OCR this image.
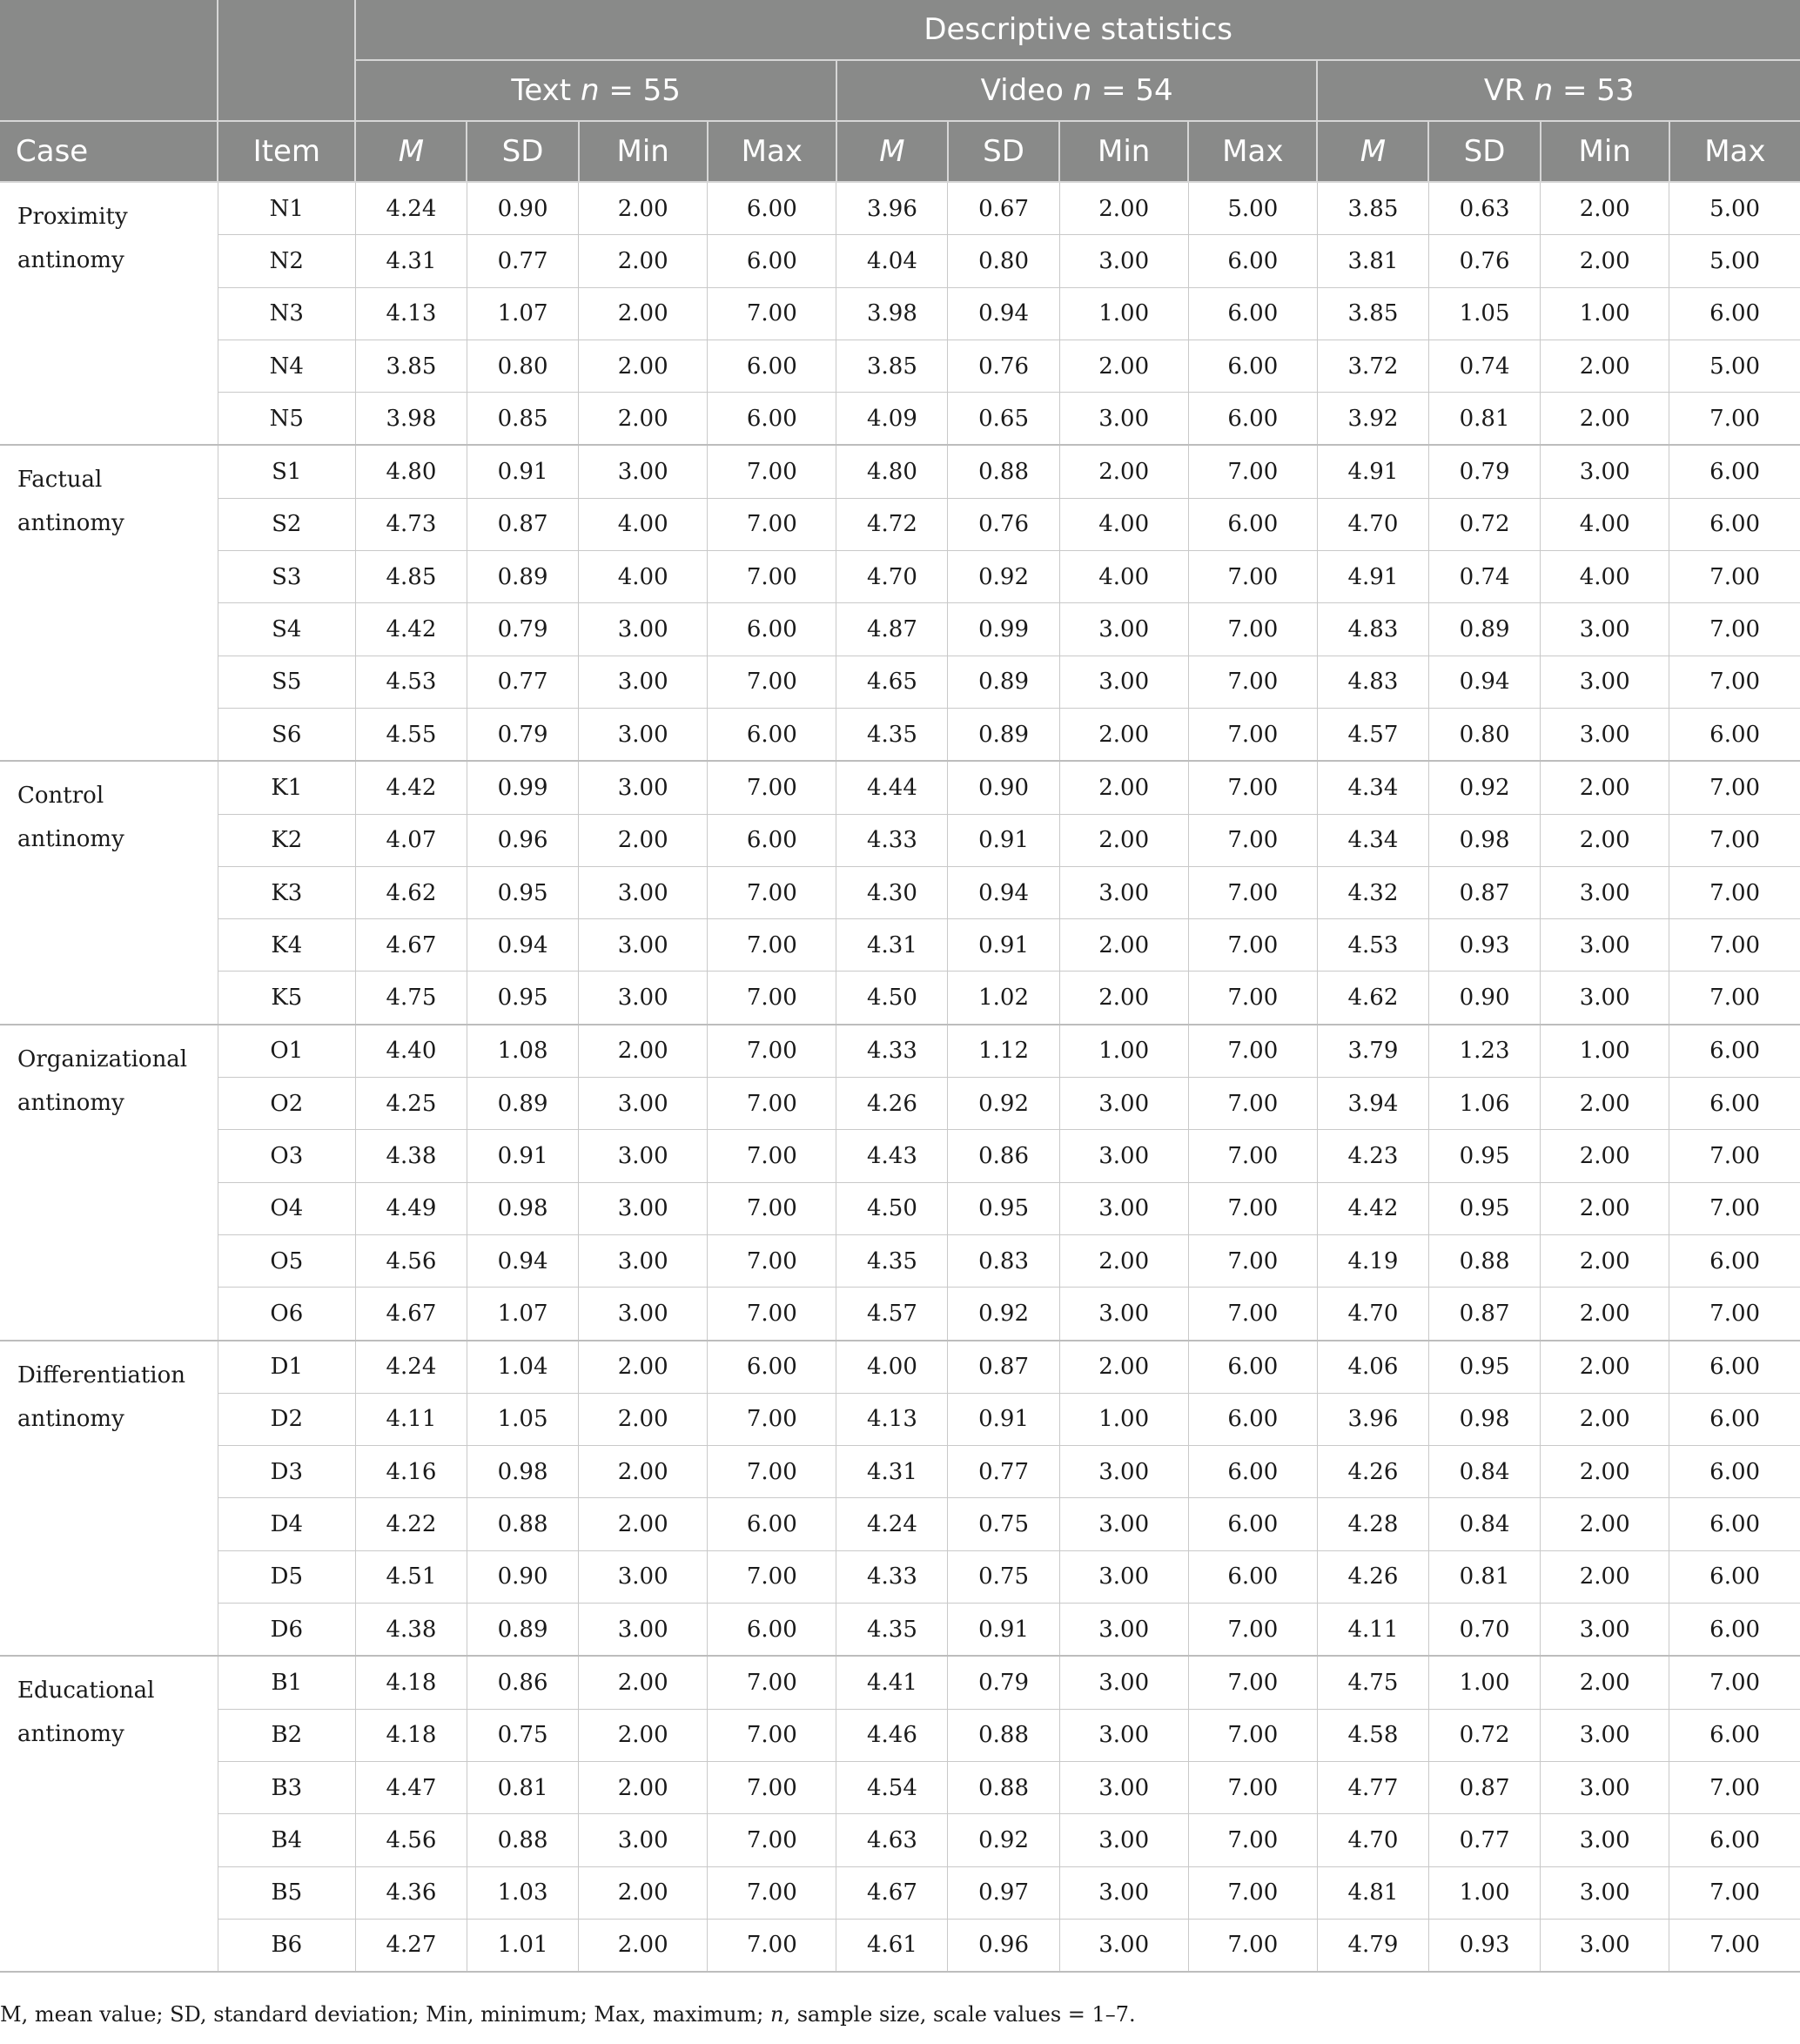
		Descriptive statistics											
		Text n = 55				Video n = 54				VR n = 53			
Case	Item	M	SD	Min	Max	M	SD	Min	Max	M	SD	Min	Max
Proximity antinomy	N1	4.24	0.90	2.00	6.00	3.96	0.67	2.00	5.00	3.85	0.63	2.00	5.00
	N2	4.31	0.77	2.00	6.00	4.04	0.80	3.00	6.00	3.81	0.76	2.00	5.00
	N3	4.13	1.07	2.00	7.00	3.98	0.94	1.00	6.00	3.85	1.05	1.00	6.00
	N4	3.85	0.80	2.00	6.00	3.85	0.76	2.00	6.00	3.72	0.74	2.00	5.00
	N5	3.98	0.85	2.00	6.00	4.09	0.65	3.00	6.00	3.92	0.81	2.00	7.00
Factual antinomy	S1	4.80	0.91	3.00	7.00	4.80	0.88	2.00	7.00	4.91	0.79	3.00	6.00
	S2	4.73	0.87	4.00	7.00	4.72	0.76	4.00	6.00	4.70	0.72	4.00	6.00
	S3	4.85	0.89	4.00	7.00	4.70	0.92	4.00	7.00	4.91	0.74	4.00	7.00
	S4	4.42	0.79	3.00	6.00	4.87	0.99	3.00	7.00	4.83	0.89	3.00	7.00
	S5	4.53	0.77	3.00	7.00	4.65	0.89	3.00	7.00	4.83	0.94	3.00	7.00
	S6	4.55	0.79	3.00	6.00	4.35	0.89	2.00	7.00	4.57	0.80	3.00	6.00
Control antinomy	K1	4.42	0.99	3.00	7.00	4.44	0.90	2.00	7.00	4.34	0.92	2.00	7.00
	K2	4.07	0.96	2.00	6.00	4.33	0.91	2.00	7.00	4.34	0.98	2.00	7.00
	K3	4.62	0.95	3.00	7.00	4.30	0.94	3.00	7.00	4.32	0.87	3.00	7.00
	K4	4.67	0.94	3.00	7.00	4.31	0.91	2.00	7.00	4.53	0.93	3.00	7.00
	K5	4.75	0.95	3.00	7.00	4.50	1.02	2.00	7.00	4.62	0.90	3.00	7.00
Organizational antinomy	O1	4.40	1.08	2.00	7.00	4.33	1.12	1.00	7.00	3.79	1.23	1.00	6.00
	O2	4.25	0.89	3.00	7.00	4.26	0.92	3.00	7.00	3.94	1.06	2.00	6.00
	O3	4.38	0.91	3.00	7.00	4.43	0.86	3.00	7.00	4.23	0.95	2.00	7.00
	O4	4.49	0.98	3.00	7.00	4.50	0.95	3.00	7.00	4.42	0.95	2.00	7.00
	O5	4.56	0.94	3.00	7.00	4.35	0.83	2.00	7.00	4.19	0.88	2.00	6.00
	O6	4.67	1.07	3.00	7.00	4.57	0.92	3.00	7.00	4.70	0.87	2.00	7.00
Differentiation antinomy	D1	4.24	1.04	2.00	6.00	4.00	0.87	2.00	6.00	4.06	0.95	2.00	6.00
	D2	4.11	1.05	2.00	7.00	4.13	0.91	1.00	6.00	3.96	0.98	2.00	6.00
	D3	4.16	0.98	2.00	7.00	4.31	0.77	3.00	6.00	4.26	0.84	2.00	6.00
	D4	4.22	0.88	2.00	6.00	4.24	0.75	3.00	6.00	4.28	0.84	2.00	6.00
	D5	4.51	0.90	3.00	7.00	4.33	0.75	3.00	6.00	4.26	0.81	2.00	6.00
	D6	4.38	0.89	3.00	6.00	4.35	0.91	3.00	7.00	4.11	0.70	3.00	6.00
Educational antinomy	B1	4.18	0.86	2.00	7.00	4.41	0.79	3.00	7.00	4.75	1.00	2.00	7.00
	B2	4.18	0.75	2.00	7.00	4.46	0.88	3.00	7.00	4.58	0.72	3.00	6.00
	B3	4.47	0.81	2.00	7.00	4.54	0.88	3.00	7.00	4.77	0.87	3.00	7.00
	B4	4.56	0.88	3.00	7.00	4.63	0.92	3.00	7.00	4.70	0.77	3.00	6.00
	B5	4.36	1.03	2.00	7.00	4.67	0.97	3.00	7.00	4.81	1.00	3.00	7.00
	B6	4.27	1.01	2.00	7.00	4.61	0.96	3.00	7.00	4.79	0.93	3.00	7.00
M, mean value; SD, standard deviation; Min, minimum; Max, maximum; n, sample size, scale values = 1–7.
